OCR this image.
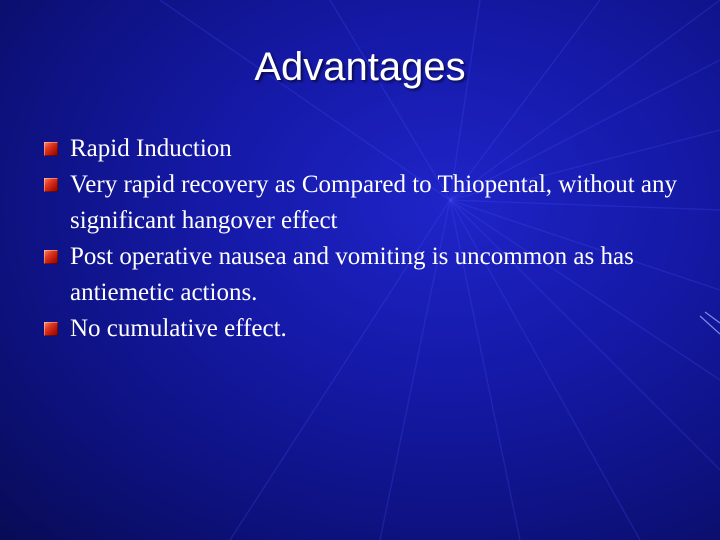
Advantages
Rapid Induction
Very rapid recovery as Compared to Thiopental, without any significant hangover effect
Post operative nausea and vomiting is uncommon as has antiemetic actions.
No cumulative effect.
